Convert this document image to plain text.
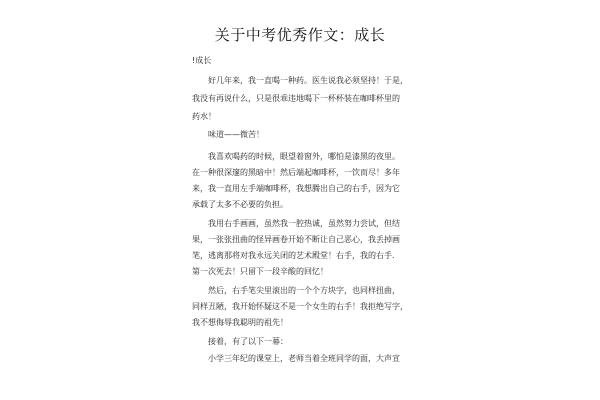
关于中考优秀作文：成长
!成长
好几年来，我一直喝一种药。医生说我必须坚持！于是，
我没有再说什么，只是很乖违地喝下一杯杯装在咖啡杯里的
药水！
味道——微苦！
我喜欢喝药的时候，眼望着窗外，哪怕是漆黑的夜里。
在一种很深邃的黑暗中！然后端起咖啡杯，一饮而尽！多年
来，我一直用左手端咖啡杯，我想腾出自己的右手，因为它
承载了太多不必要的负担。
我用右手画画，虽然我一腔热诚，虽然努力尝试，但结
果，一张张扭曲的怪异画卷开始不断让自己恶心，我丢掉画
笔，逃离那将对我永远关闭的艺术殿堂！右手，我的右手.
第一次死去！只留下一段辛酸的回忆！
然后，右手笔尖里滚出的一个个方块字，也同样扭曲，
同样丑陋，我开始怀疑这不是一个女生的右手！我拒绝写字，
我不想侮辱我聪明的祖先！
接着，有了以下一幕：
小学三年纪的课堂上，老师当着全班同学的面，大声宣
